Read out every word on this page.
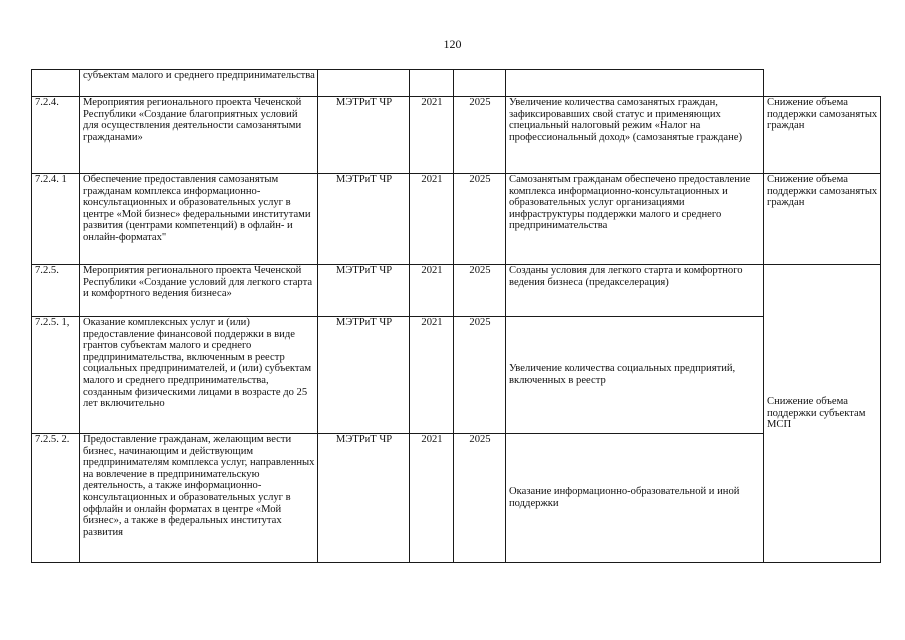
120
	субъектам малого и среднего предпринимательства					
7.2.4.	Мероприятия регионального проекта Чеченской Республики «Создание благоприятных условий для осуществления деятельности самозанятыми гражданами»	МЭТРиТ ЧР	2021	2025	Увеличение количества самозанятых граждан, зафиксировавших свой статус и применяющих специальный налоговый режим «Налог на профессиональный доход» (самозанятые граждане)	Снижение объема поддержки самозанятых граждан
7.2.4. 1	Обеспечение предоставления самозанятым гражданам комплекса информационно-консультационных и образовательных услуг в центре «Мой бизнес» федеральными институтами развития (центрами компетенций) в офлайн- и онлайн-форматах"	МЭТРиТ ЧР	2021	2025	Самозанятым гражданам обеспечено предоставление комплекса информационно-консультационных и образовательных услуг организациями инфраструктуры поддержки малого и среднего предпринимательства	Снижение объема поддержки самозанятых граждан
7.2.5.	Мероприятия регионального проекта Чеченской Республики «Создание условий для легкого старта и комфортного ведения бизнеса»	МЭТРиТ ЧР	2021	2025	Созданы условия для легкого старта и комфортного ведения бизнеса (предакселерация)	Снижение объема поддержки субъектам МСП
7.2.5. 1,	Оказание комплексных услуг и (или) предоставление финансовой поддержки в виде грантов субъектам малого и среднего предпринимательства, включенным в реестр социальных предпринимателей, и (или) субъектам малого и среднего предпринимательства, созданным физическими лицами в возрасте до 25 лет включительно	МЭТРиТ ЧР	2021	2025	Увеличение количества социальных предприятий, включенных в реестр	
7.2.5. 2.	Предоставление гражданам, желающим вести бизнес, начинающим и действующим предпринимателям комплекса услуг, направленных на вовлечение в предпринимательскую деятельность, а также информационно-консультационных и образовательных услуг в оффлайн и онлайн форматах в центре «Мой бизнес», а также в федеральных институтах развития	МЭТРиТ ЧР	2021	2025	Оказание информационно-образовательной и иной поддержки	
